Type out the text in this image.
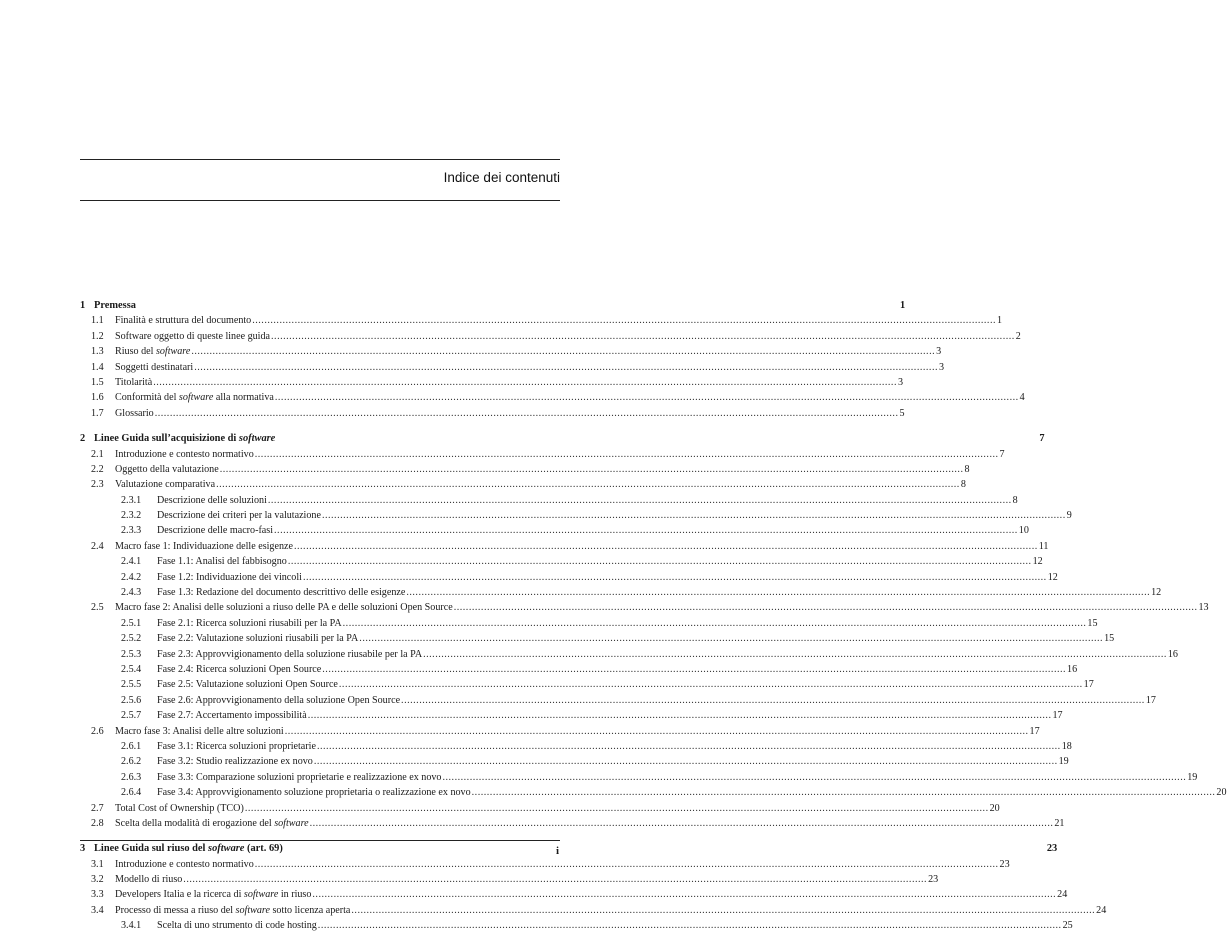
Indice dei contenuti
1 Premessa	1
1.1	Finalità e struttura del documento .....	1
1.2	Software oggetto di queste linee guida .....	2
1.3	Riuso del software .....	3
1.4	Soggetti destinatari .....	3
1.5	Titolarità .....	3
1.6	Conformità del software alla normativa .....	4
1.7	Glossario .....	5
2 Linee Guida sull’acquisizione di software	7
2.1	Introduzione e contesto normativo .....	7
2.2	Oggetto della valutazione .....	8
2.3	Valutazione comparativa .....	8
2.3.1	Descrizione delle soluzioni .....	8
2.3.2	Descrizione dei criteri per la valutazione .....	9
2.3.3	Descrizione delle macro-fasi .....	10
2.4	Macro fase 1: Individuazione delle esigenze .....	11
2.4.1	Fase 1.1: Analisi del fabbisogno .....	12
2.4.2	Fase 1.2: Individuazione dei vincoli .....	12
2.4.3	Fase 1.3: Redazione del documento descrittivo delle esigenze .....	12
2.5	Macro fase 2: Analisi delle soluzioni a riuso delle PA e delle soluzioni Open Source .....	13
2.5.1	Fase 2.1: Ricerca soluzioni riusabili per la PA .....	15
2.5.2	Fase 2.2: Valutazione soluzioni riusabili per la PA .....	15
2.5.3	Fase 2.3: Approvvigionamento della soluzione riusabile per la PA .....	16
2.5.4	Fase 2.4: Ricerca soluzioni Open Source .....	16
2.5.5	Fase 2.5: Valutazione soluzioni Open Source .....	17
2.5.6	Fase 2.6: Approvvigionamento della soluzione Open Source .....	17
2.5.7	Fase 2.7: Accertamento impossibilità .....	17
2.6	Macro fase 3: Analisi delle altre soluzioni .....	17
2.6.1	Fase 3.1: Ricerca soluzioni proprietarie .....	18
2.6.2	Fase 3.2: Studio realizzazione ex novo .....	19
2.6.3	Fase 3.3: Comparazione soluzioni proprietarie e realizzazione ex novo .....	19
2.6.4	Fase 3.4: Approvvigionamento soluzione proprietaria o realizzazione ex novo .....	20
2.7	Total Cost of Ownership (TCO) .....	20
2.8	Scelta della modalità di erogazione del software .....	21
3 Linee Guida sul riuso del software (art. 69)	23
3.1	Introduzione e contesto normativo .....	23
3.2	Modello di riuso .....	23
3.3	Developers Italia e la ricerca di software in riuso .....	24
3.4	Processo di messa a riuso del software sotto licenza aperta .....	24
3.4.1	Scelta di uno strumento di code hosting .....	25
i
